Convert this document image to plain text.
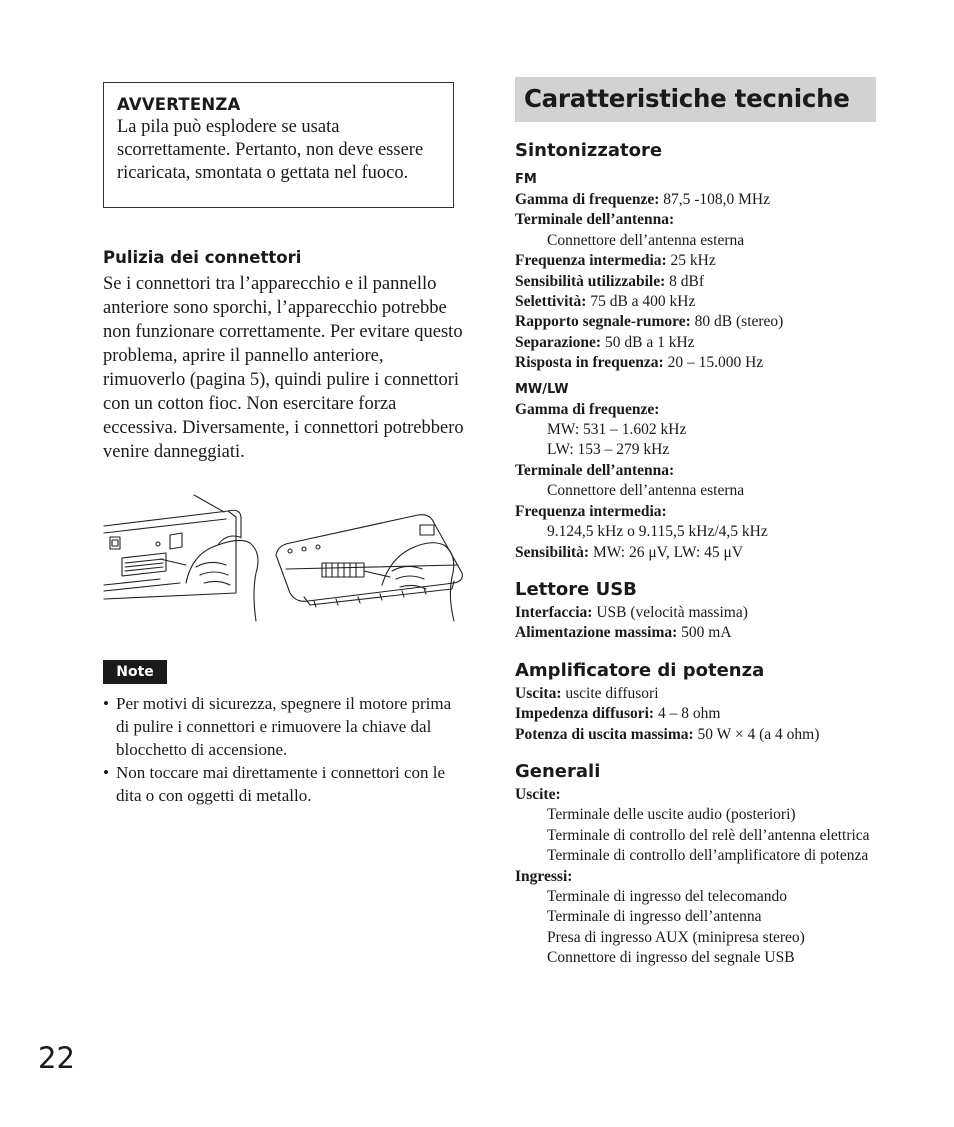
AVVERTENZA
La pila può esplodere se usata scorrettamente. Pertanto, non deve essere ricaricata, smontata o gettata nel fuoco.
Pulizia dei connettori
Se i connettori tra l’apparecchio e il pannello anteriore sono sporchi, l’apparecchio potrebbe non funzionare correttamente. Per evitare questo problema, aprire il pannello anteriore, rimuoverlo (pagina 5), quindi pulire i connettori con un cotton fioc. Non esercitare forza eccessiva. Diversamente, i connettori potrebbero venire danneggiati.
Note
• Per motivi di sicurezza, spegnere il motore prima di pulire i connettori e rimuovere la chiave dal blocchetto di accensione.
• Non toccare mai direttamente i connettori con le dita o con oggetti di metallo.
22
Caratteristiche tecniche
Sintonizzatore
FM
Gamma di frequenze: 87,5 -108,0 MHz
Terminale dell’antenna:
Connettore dell’antenna esterna
Frequenza intermedia: 25 kHz
Sensibilità utilizzabile: 8 dBf
Selettività: 75 dB a 400 kHz
Rapporto segnale-rumore: 80 dB (stereo)
Separazione: 50 dB a 1 kHz
Risposta in frequenza: 20 – 15.000 Hz
MW/LW
Gamma di frequenze:
MW: 531 – 1.602 kHz
LW: 153 – 279 kHz
Terminale dell’antenna:
Connettore dell’antenna esterna
Frequenza intermedia:
9.124,5 kHz o 9.115,5 kHz/4,5 kHz
Sensibilità: MW: 26 μV, LW: 45 μV
Lettore USB
Interfaccia: USB (velocità massima)
Alimentazione massima: 500 mA
Amplificatore di potenza
Uscita: uscite diffusori
Impedenza diffusori: 4 – 8 ohm
Potenza di uscita massima: 50 W × 4 (a 4 ohm)
Generali
Uscite:
Terminale delle uscite audio (posteriori)
Terminale di controllo del relè dell’antenna elettrica
Terminale di controllo dell’amplificatore di potenza
Ingressi:
Terminale di ingresso del telecomando
Terminale di ingresso dell’antenna
Presa di ingresso AUX (minipresa stereo)
Connettore di ingresso del segnale USB
